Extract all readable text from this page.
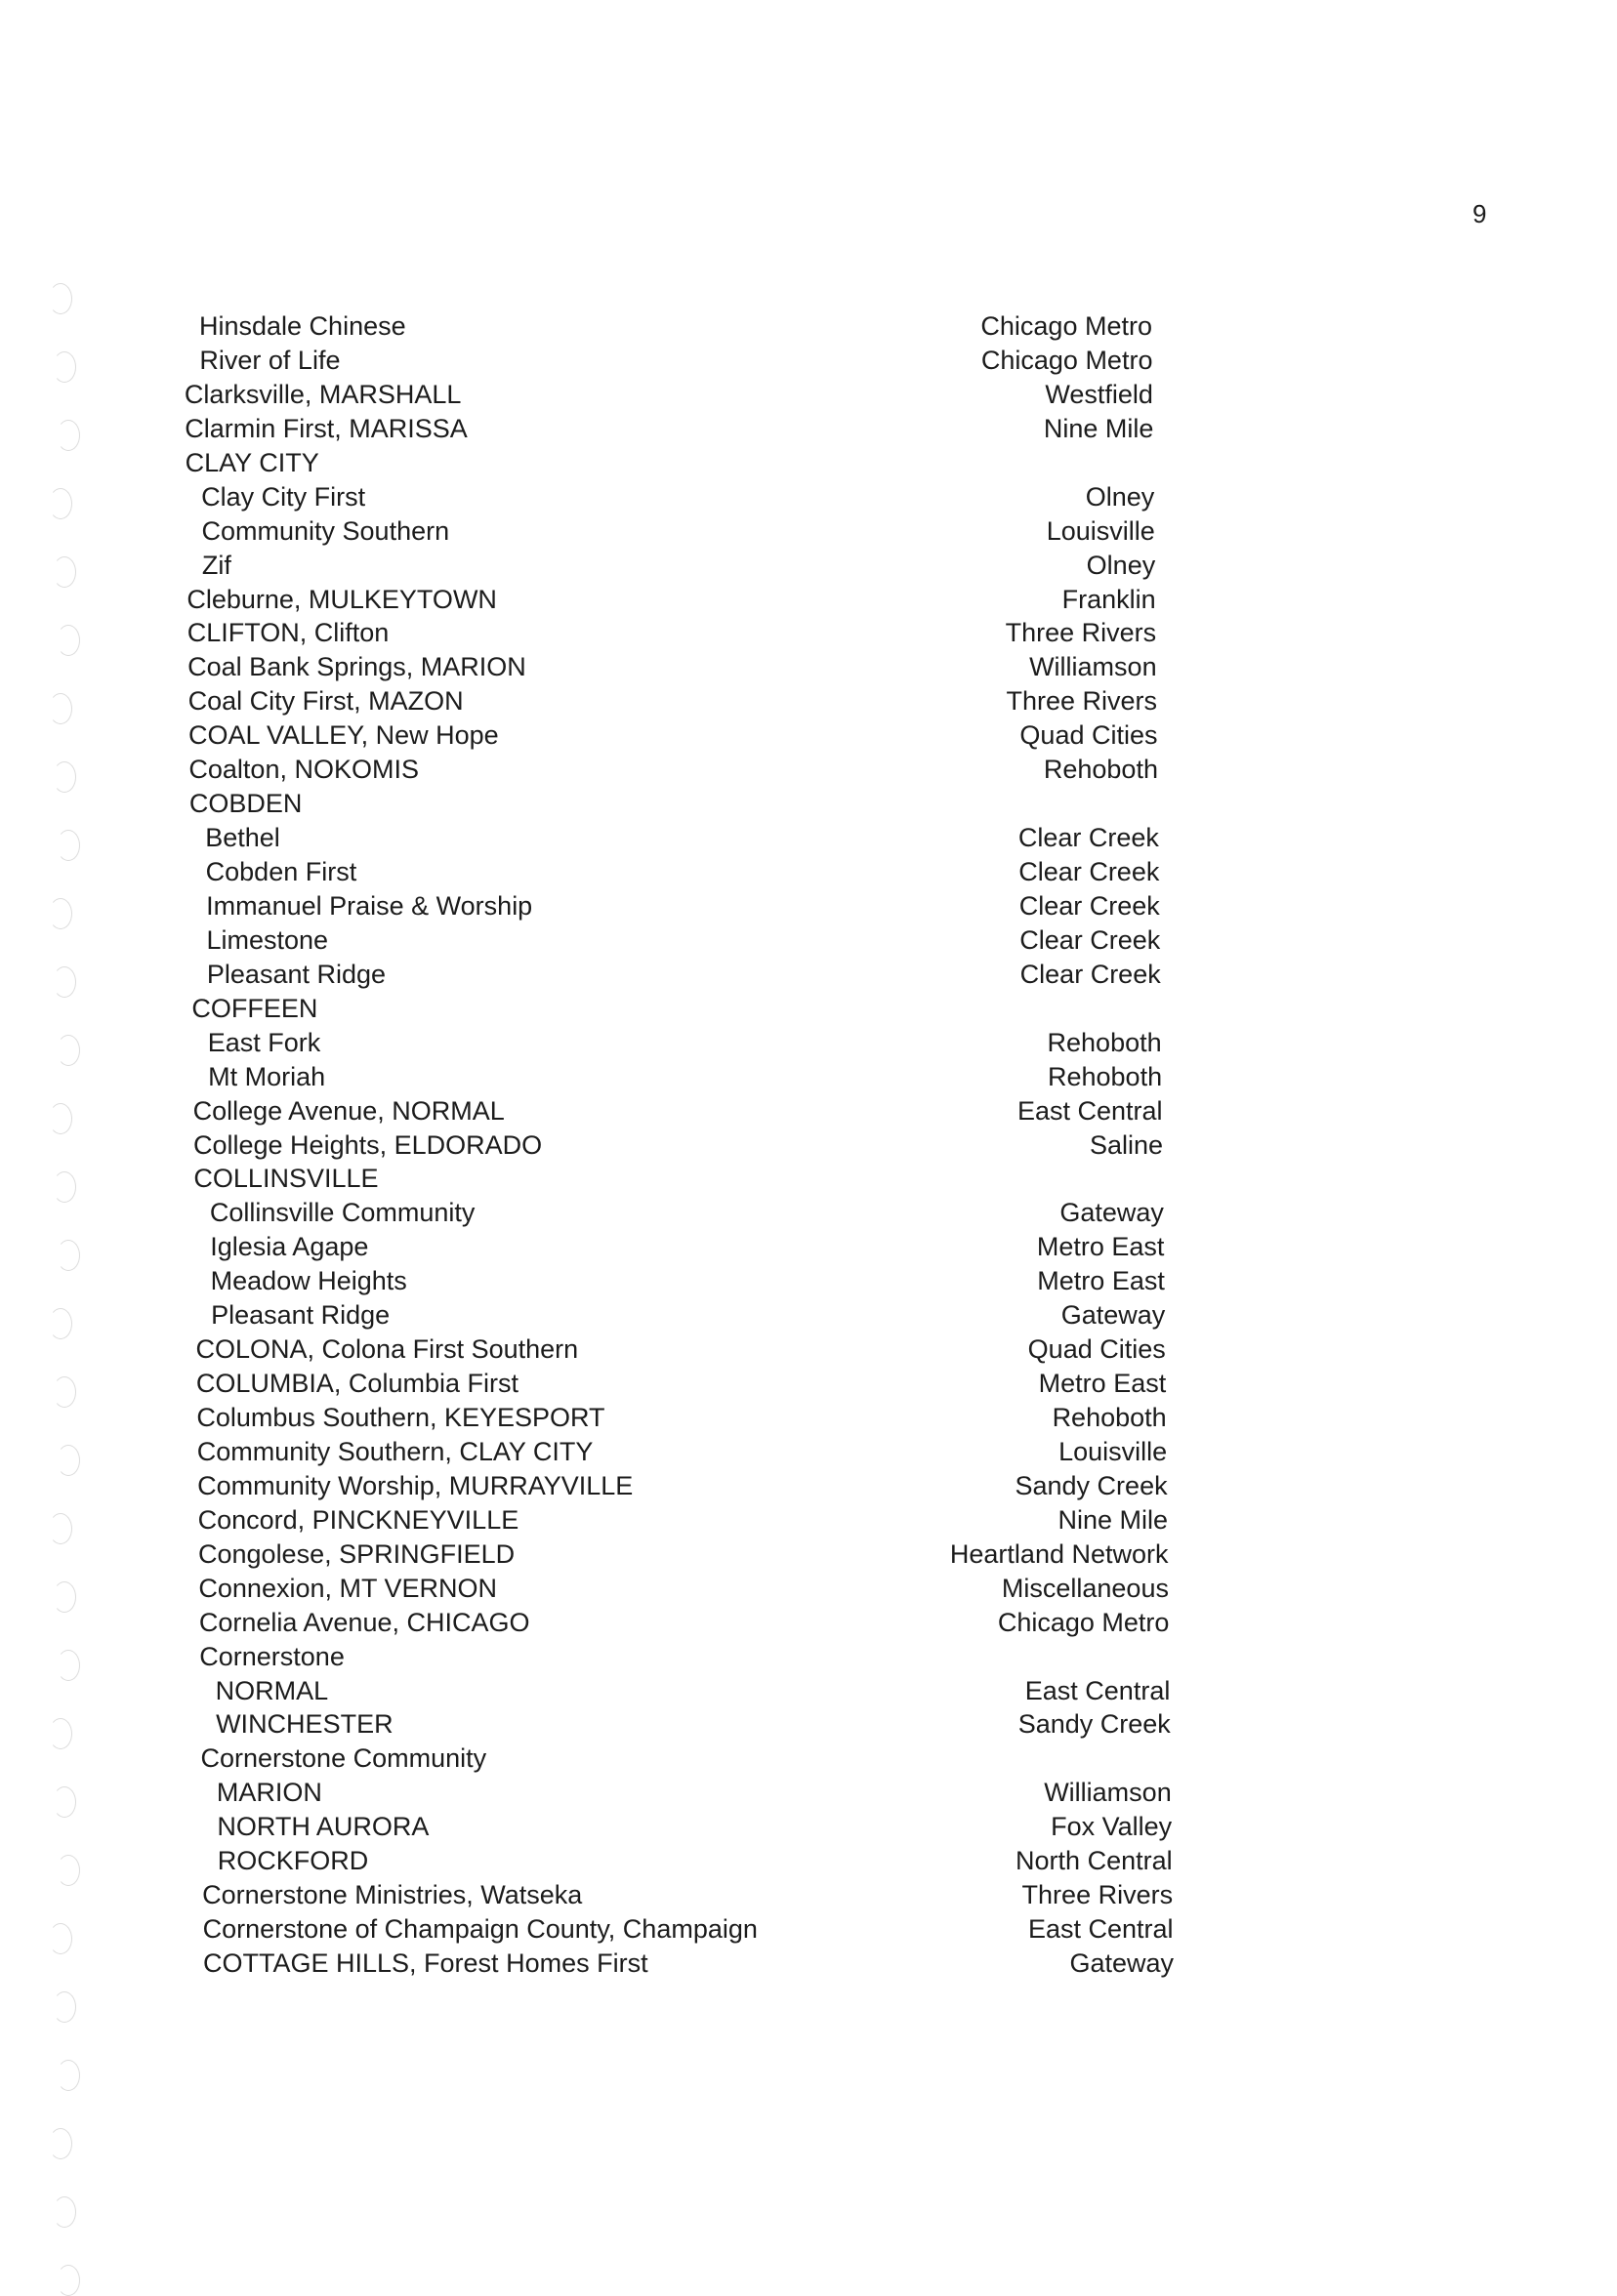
9
Hinsdale Chinese	Chicago Metro
River of Life	Chicago Metro
Clarksville, MARSHALL	Westfield
Clarmin First, MARISSA	Nine Mile
CLAY CITY
Clay City First	Olney
Community Southern	Louisville
Zif	Olney
Cleburne, MULKEYTOWN	Franklin
CLIFTON, Clifton	Three Rivers
Coal Bank Springs, MARION	Williamson
Coal City First, MAZON	Three Rivers
COAL VALLEY, New Hope	Quad Cities
Coalton, NOKOMIS	Rehoboth
COBDEN
Bethel	Clear Creek
Cobden First	Clear Creek
Immanuel Praise & Worship	Clear Creek
Limestone	Clear Creek
Pleasant Ridge	Clear Creek
COFFEEN
East Fork	Rehoboth
Mt Moriah	Rehoboth
College Avenue, NORMAL	East Central
College Heights, ELDORADO	Saline
COLLINSVILLE
Collinsville Community	Gateway
Iglesia Agape	Metro East
Meadow Heights	Metro East
Pleasant Ridge	Gateway
COLONA, Colona First Southern	Quad Cities
COLUMBIA, Columbia First	Metro East
Columbus Southern, KEYESPORT	Rehoboth
Community Southern, CLAY CITY	Louisville
Community Worship, MURRAYVILLE	Sandy Creek
Concord, PINCKNEYVILLE	Nine Mile
Congolese, SPRINGFIELD	Heartland Network
Connexion, MT VERNON	Miscellaneous
Cornelia Avenue, CHICAGO	Chicago Metro
Cornerstone
NORMAL	East Central
WINCHESTER	Sandy Creek
Cornerstone Community
MARION	Williamson
NORTH AURORA	Fox Valley
ROCKFORD	North Central
Cornerstone Ministries, Watseka	Three Rivers
Cornerstone of Champaign County, Champaign	East Central
COTTAGE HILLS, Forest Homes First	Gateway
